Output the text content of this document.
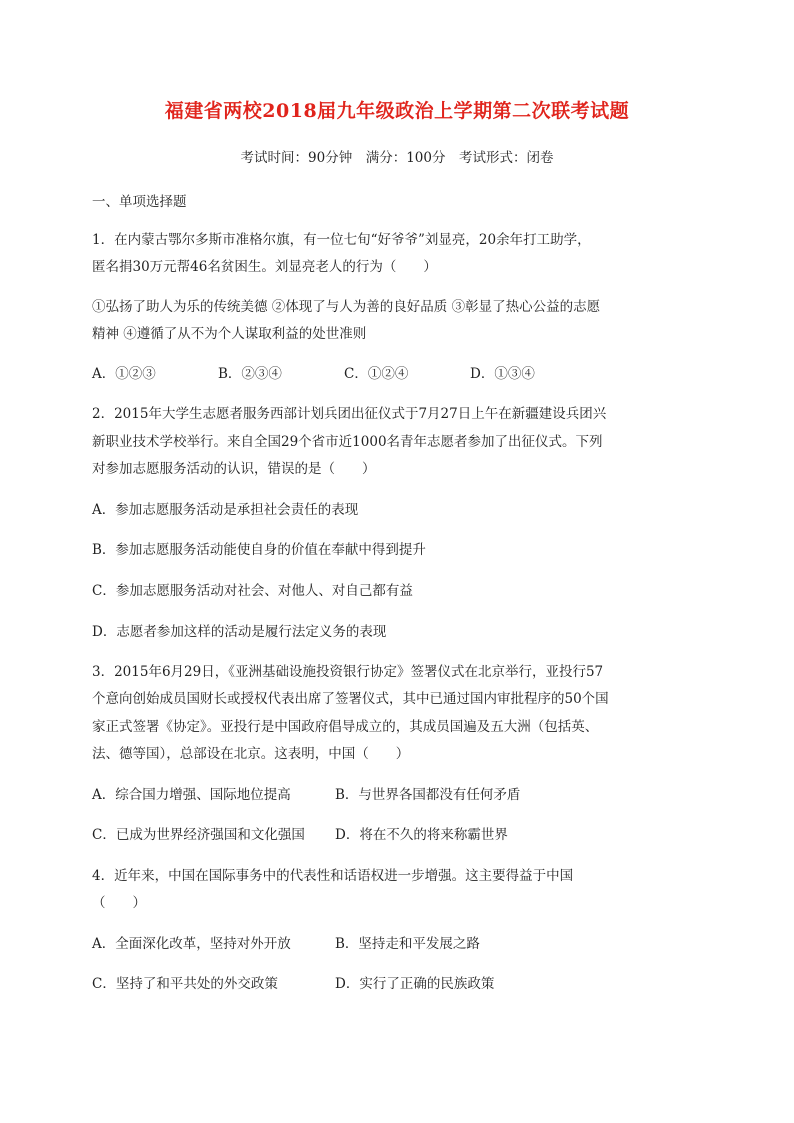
福建省两校2018届九年级政治上学期第二次联考试题
考试时间：90分钟　满分：100分　考试形式：闭卷
一、单项选择题
1．在内蒙古鄂尔多斯市准格尔旗，有一位七旬“好爷爷”刘显亮，20余年打工助学，
匿名捐30万元帮46名贫困生。刘显亮老人的行为（　　）
①弘扬了助人为乐的传统美德 ②体现了与人为善的良好品质 ③彰显了热心公益的志愿
精神 ④遵循了从不为个人谋取利益的处世准则
A．①②③	B．②③④	C．①②④	D．①③④
2．2015年大学生志愿者服务西部计划兵团出征仪式于7月27日上午在新疆建设兵团兴
新职业技术学校举行。来自全国29个省市近1000名青年志愿者参加了出征仪式。下列
对参加志愿服务活动的认识，错误的是（　　）
A．参加志愿服务活动是承担社会责任的表现
B．参加志愿服务活动能使自身的价值在奉献中得到提升
C．参加志愿服务活动对社会、对他人、对自己都有益
D．志愿者参加这样的活动是履行法定义务的表现
3．2015年6月29日，《亚洲基础设施投资银行协定》签署仪式在北京举行，亚投行57
个意向创始成员国财长或授权代表出席了签署仪式，其中已通过国内审批程序的50个国
家正式签署《协定》。亚投行是中国政府倡导成立的，其成员国遍及五大洲（包括英、
法、德等国），总部设在北京。这表明，中国（　　）
A．综合国力增强、国际地位提高	B．与世界各国都没有任何矛盾
C．已成为世界经济强国和文化强国 D．将在不久的将来称霸世界
4．近年来，中国在国际事务中的代表性和话语权进一步增强。这主要得益于中国
（　　）
A．全面深化改革，坚持对外开放	B．坚持走和平发展之路
C．坚持了和平共处的外交政策	D．实行了正确的民族政策
